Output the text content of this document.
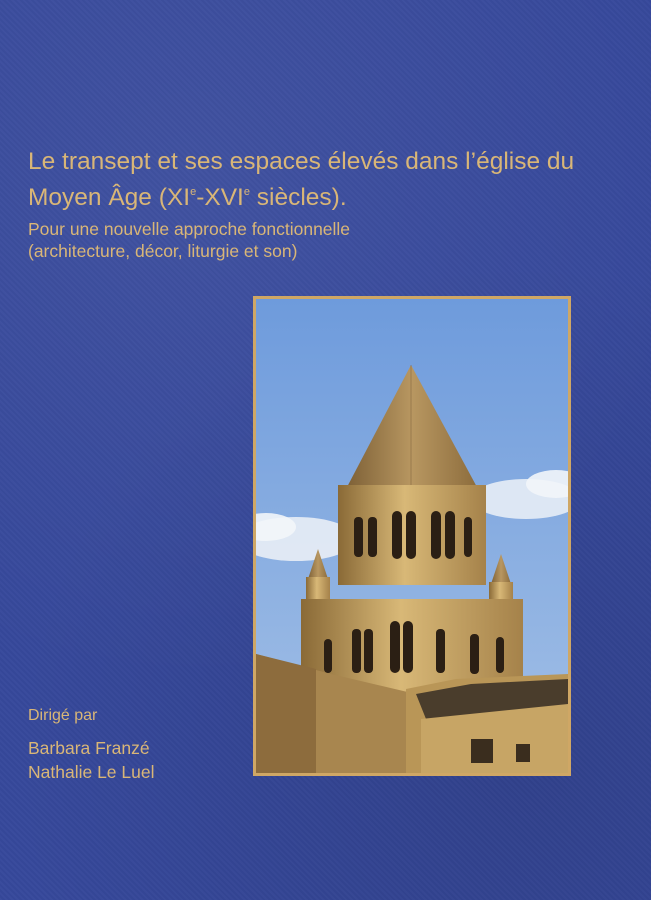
Le transept et ses espaces élevés dans l’église du Moyen Âge (XIe-XVIe siècles).
Pour une nouvelle approche fonctionnelle
(architecture, décor, liturgie et son)
Dirigé par
Barbara Franzé
Nathalie Le Luel
